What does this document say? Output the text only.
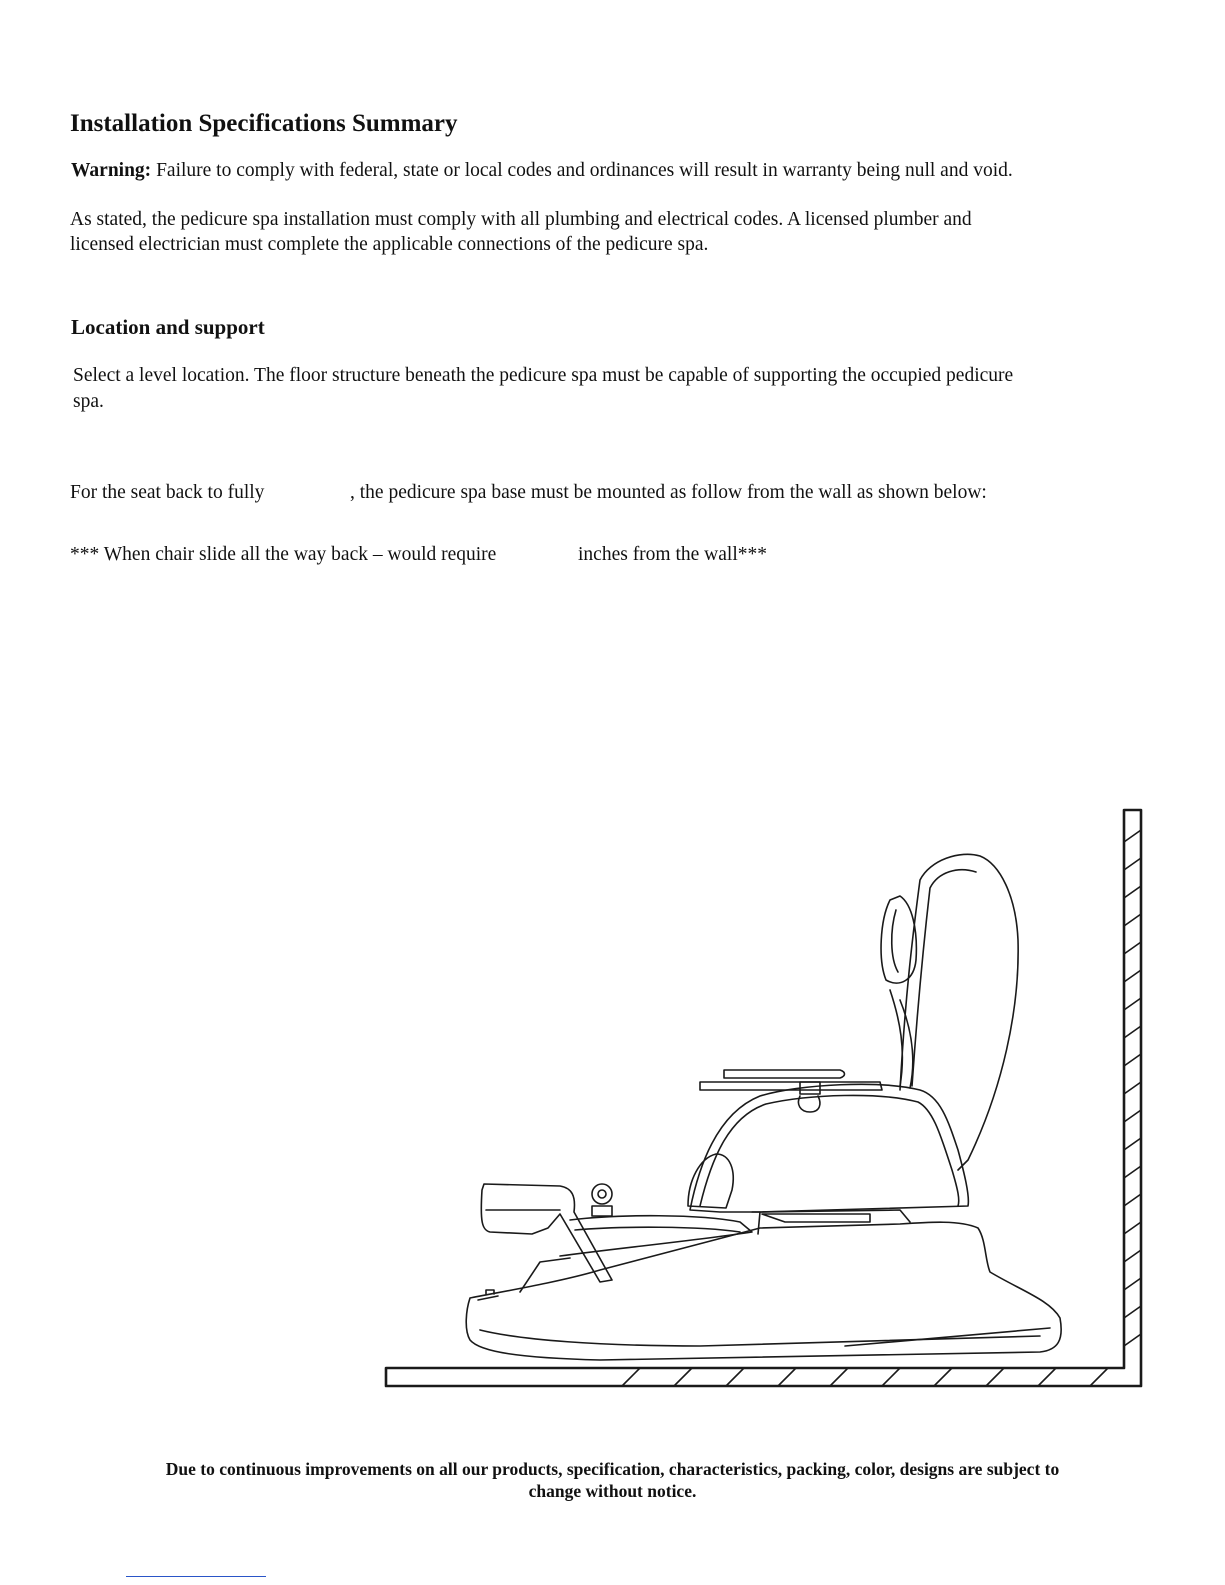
Installation Specifications Summary
Warning: Failure to comply with federal, state or local codes and ordinances will result in warranty being null and void.
As stated, the pedicure spa installation must comply with all plumbing and electrical codes. A licensed plumber and
licensed electrician must complete the applicable connections of the pedicure spa.
Location and support
Select a level location. The floor structure beneath the pedicure spa must be capable of supporting the occupied pedicure
spa.
For the seat back to fully	, the pedicure spa base must be mounted as follow from the wall as shown below:
*** When chair slide all the way back – would require	inches from the wall***
Due to continuous improvements on all our products, specification, characteristics, packing, color, designs are subject to
change without notice.
